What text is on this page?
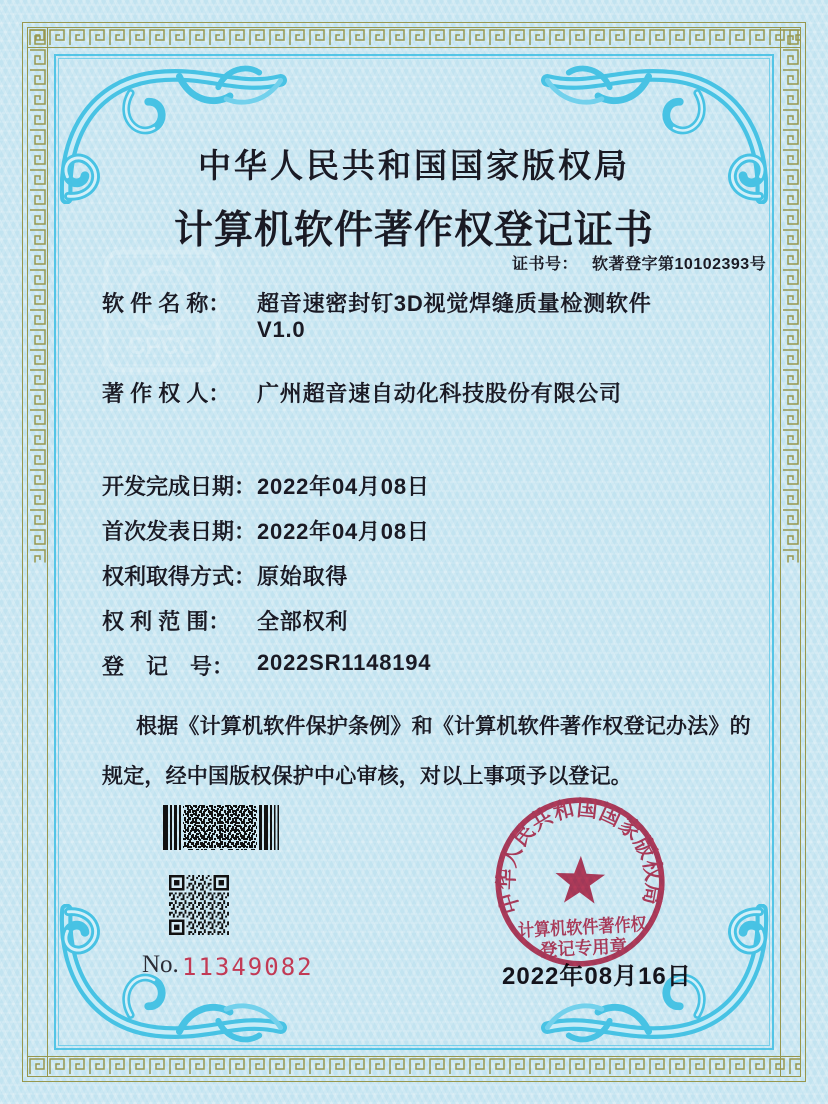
CPCC
中华人民共和国国家版权局
计算机软件著作权登记证书
证书号： 软著登字第10102393号
软 件 名 称： 超音速密封钉3D视觉焊缝质量检测软件
V1.0
著 作 权 人： 广州超音速自动化科技股份有限公司
开发完成日期： 2022年04月08日
首次发表日期： 2022年04月08日
权利取得方式： 原始取得
权 利 范 围： 全部权利
登　记　号： 2022SR1148194
根据《计算机软件保护条例》和《计算机软件著作权登记办法》的
规定，经中国版权保护中心审核，对以上事项予以登记。
No. 11349082	2022年08月16日
中华人民共和国国家版权局
计算机软件著作权
登记专用章
